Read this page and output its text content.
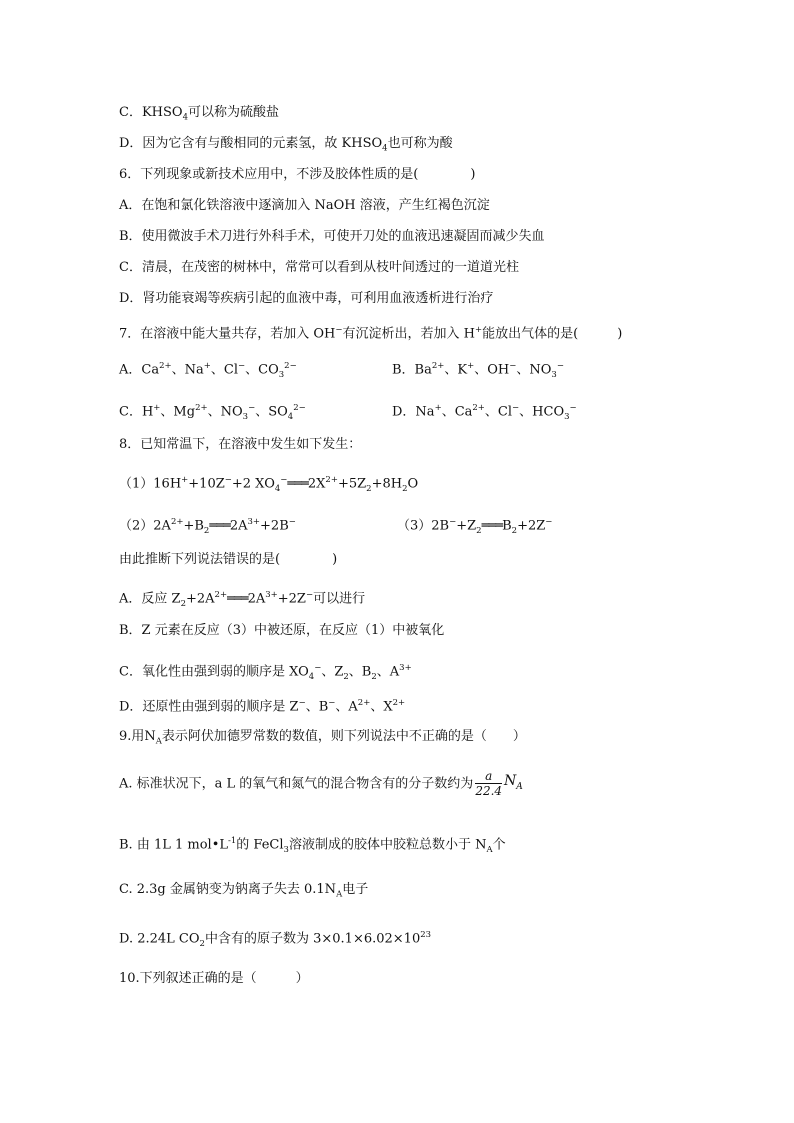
C．$KHSO_4$可以称为硫酸盐
D．因为它含有与酸相同的元素氢，故 $KHSO_4$也可称为酸
6．下列现象或新技术应用中，不涉及胶体性质的是(　　　　)
A．在饱和氯化铁溶液中逐滴加入 NaOH 溶液，产生红褐色沉淀
B．使用微波手术刀进行外科手术，可使开刀处的血液迅速凝固而减少失血
C．清晨，在茂密的树林中，常常可以看到从枝叶间透过的一道道光柱
D．肾功能衰竭等疾病引起的血液中毒，可利用血液透析进行治疗
7．在溶液中能大量共存，若加入 OH−有沉淀析出，若加入 H+能放出气体的是(　　　)
A．$Ca^{2+}$、Na+、Cl−、$CO_3^{2-}$	B．$Ba^{2+}$、K+、OH−、$NO_3^-$
C．H+、$Mg^{2+}$、$NO_3^-$、$SO_4^{2-}$	D．Na+、$Ca^{2+}$、Cl−、$HCO_3^-$
8．已知常温下，在溶液中发生如下发生：
（1）16H++10Z−+2 $XO_4^-═══2X^{2+}+5Z_2+8H_2O$
$(2)2A^{2+}+B_2═══2A^{3+}+2B^-$	$(3)2B^-+Z_2═══B_2+2Z^-$
由此推断下列说法错误的是(　　　　)
A．反应 $Z_2+2A^{2+}═══2A^{3+}+2Z^-$可以进行
B．Z 元素在反应（3）中被还原，在反应（1）中被氧化
C．氧化性由强到弱的顺序是 $XO_4^-$、$Z_2$、$B_2$、$A^{3+}$
D．还原性由强到弱的顺序是 Z−、B−、$A^{2+}$、$X^{2+}$
9.用$N_A$表示阿伏加德罗常数的数值，则下列说法中不正确的是（　　）
A. 标准状况下，a L 的氧气和氮气的混合物含有的分子数约为 $\frac{a}{22.4} N_A$
B. 由 1L 1 $mol•L^{-1}$的 FeCl$_3$溶液制成的胶体中胶粒总数小于 $N_A$个
C. 2.3g 金属钠变为钠离子失去 $0.1N_A$电子
D. 2.24L $CO_2$中含有的原子数为 $3\times 0.1\times 6.02\times 10^{23}$
10.下列叙述正确的是（　　　）
